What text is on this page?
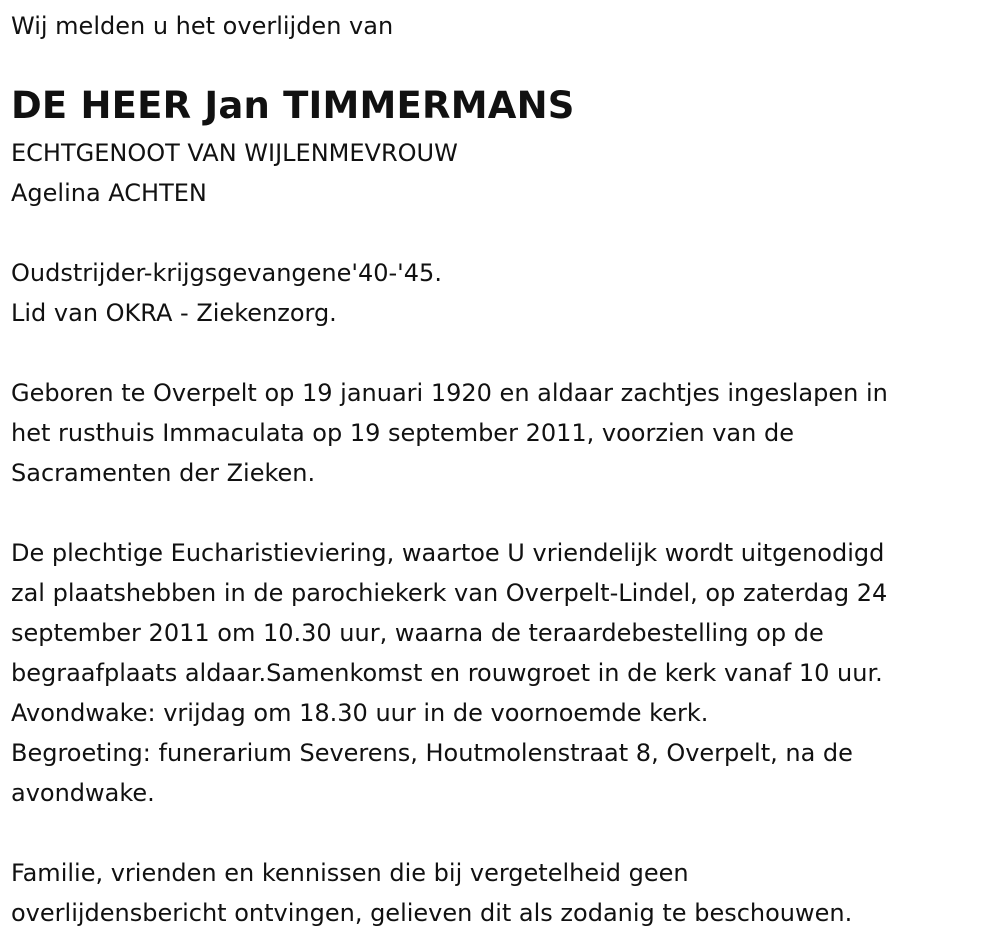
Wij melden u het overlijden van
DE HEER Jan TIMMERMANS
ECHTGENOOT VAN WIJLENMEVROUW
Agelina ACHTEN
Oudstrijder-krijgsgevangene'40-'45.
Lid van OKRA - Ziekenzorg.
Geboren te Overpelt op 19 januari 1920 en aldaar zachtjes ingeslapen in
het rusthuis Immaculata op 19 september 2011, voorzien van de
Sacramenten der Zieken.
De plechtige Eucharistieviering, waartoe U vriendelijk wordt uitgenodigd
zal plaatshebben in de parochiekerk van Overpelt-Lindel, op zaterdag 24
september 2011 om 10.30 uur, waarna de teraardebestelling op de
begraafplaats aldaar.Samenkomst en rouwgroet in de kerk vanaf 10 uur.
Avondwake: vrijdag om 18.30 uur in de voornoemde kerk.
Begroeting: funerarium Severens, Houtmolenstraat 8, Overpelt, na de
avondwake.
Familie, vrienden en kennissen die bij vergetelheid geen
overlijdensbericht ontvingen, gelieven dit als zodanig te beschouwen.
